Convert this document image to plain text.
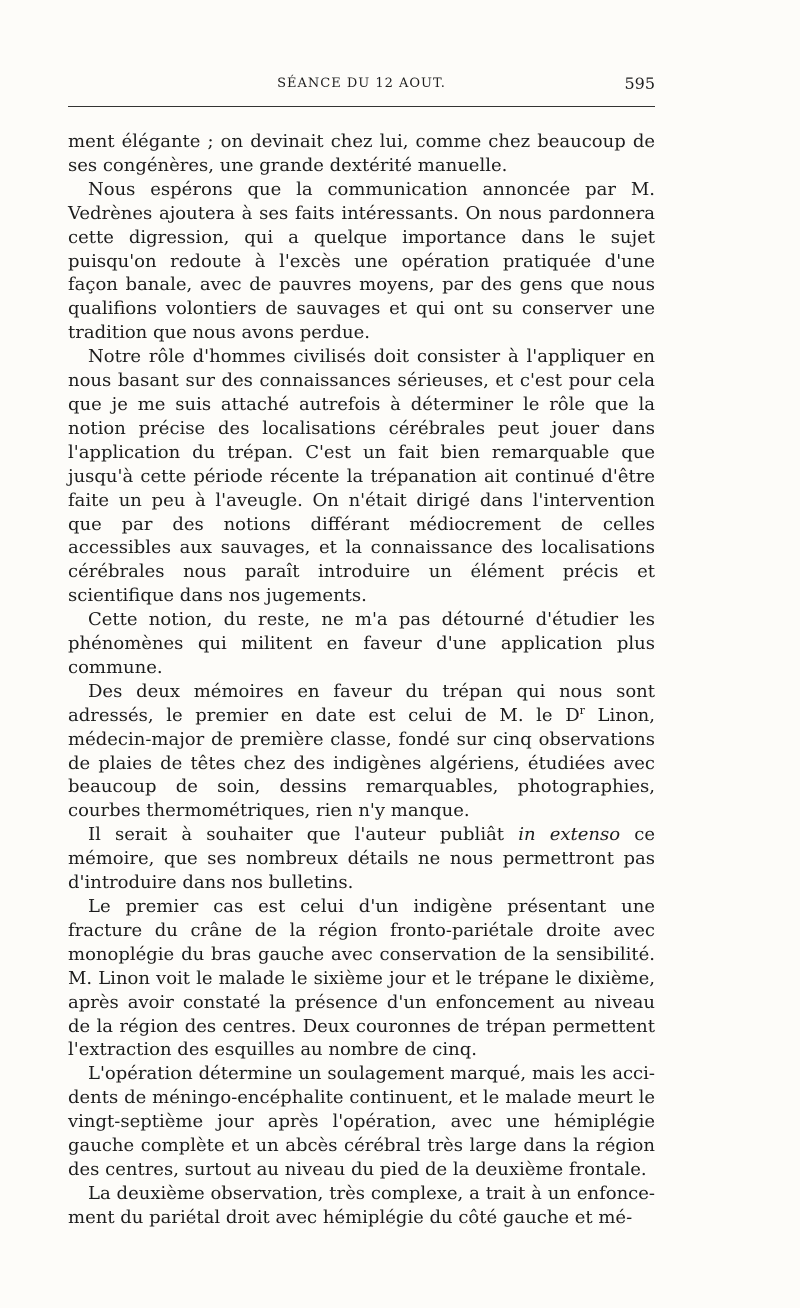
SÉANCE DU 12 AOUT.	595

ment élégante ; on devinait chez lui, comme chez beaucoup de ses congénères, une grande dextérité manuelle.

Nous espérons que la communication annoncée par M. Vedrènes ajoutera à ses faits intéressants. On nous pardonnera cette digression, qui a quelque importance dans le sujet puisqu'on redoute à l'excès une opération pratiquée d'une façon banale, avec de pauvres moyens, par des gens que nous qualifions volontiers de sauvages et qui ont su conserver une tradition que nous avons perdue.

Notre rôle d'hommes civilisés doit consister à l'appliquer en nous basant sur des connaissances sérieuses, et c'est pour cela que je me suis attaché autrefois à déterminer le rôle que la notion précise des localisations cérébrales peut jouer dans l'application du trépan. C'est un fait bien remarquable que jusqu'à cette période récente la trépanation ait continué d'être faite un peu à l'aveugle. On n'était dirigé dans l'intervention que par des notions différant médiocrement de celles accessibles aux sauvages, et la connaissance des localisations cérébrales nous paraît introduire un élément précis et scientifique dans nos jugements.

Cette notion, du reste, ne m'a pas détourné d'étudier les phénomènes qui militent en faveur d'une application plus commune.

Des deux mémoires en faveur du trépan qui nous sont adressés, le premier en date est celui de M. le $D^r$ Linon, médecin-major de première classe, fondé sur cinq observations de plaies de têtes chez des indigènes algériens, étudiées avec beaucoup de soin, dessins remarquables, photographies, courbes thermométriques, rien n'y manque.

Il serait à souhaiter que l'auteur publiât in extenso ce mémoire, que ses nombreux détails ne nous permettront pas d'introduire dans nos bulletins.

Le premier cas est celui d'un indigène présentant une fracture du crâne de la région fronto-pariétale droite avec monoplégie du bras gauche avec conservation de la sensibilité. M. Linon voit le malade le sixième jour et le trépane le dixième, après avoir constaté la présence d'un enfoncement au niveau de la région des centres. Deux couronnes de trépan permettent l'extraction des esquilles au nombre de cinq.

L'opération détermine un soulagement marqué, mais les accidents de méningo-encéphalite continuent, et le malade meurt le vingt-septième jour après l'opération, avec une hémiplégie gauche complète et un abcès cérébral très large dans la région des centres, surtout au niveau du pied de la deuxième frontale.

La deuxième observation, très complexe, a trait à un enfoncement du pariétal droit avec hémiplégie du côté gauche et mé-
